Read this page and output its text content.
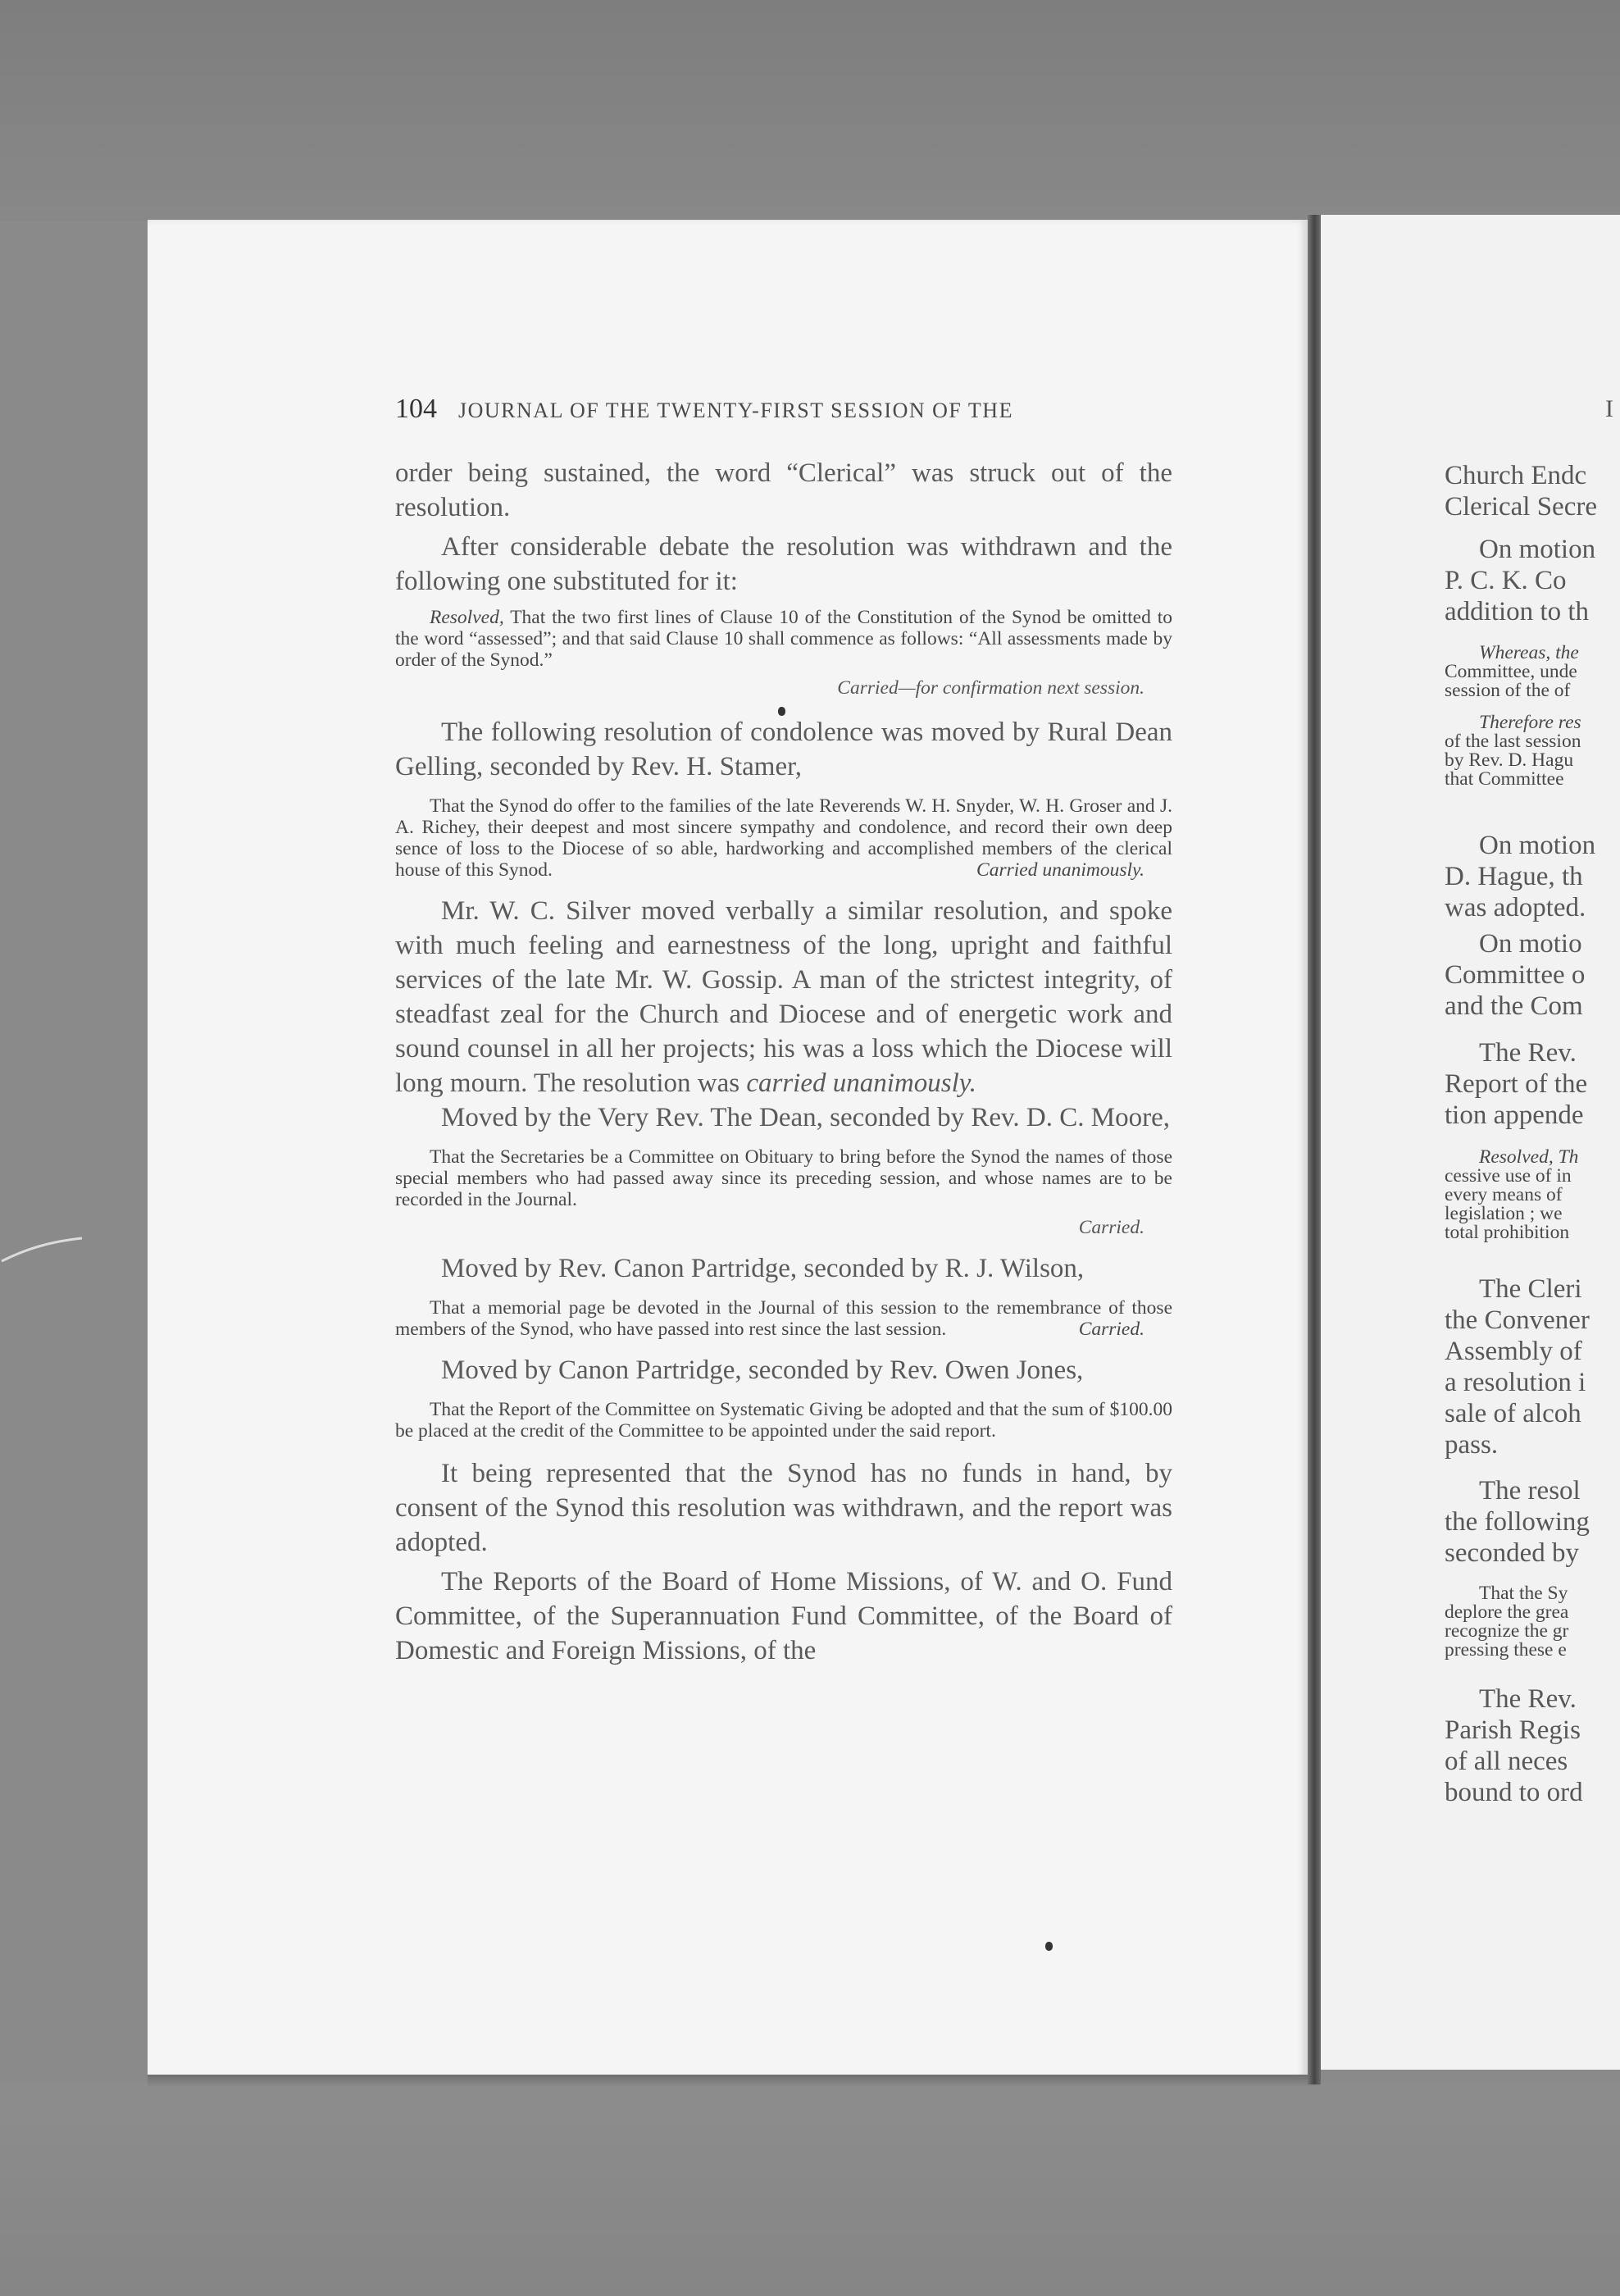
104 JOURNAL OF THE TWENTY-FIRST SESSION OF THE

order being sustained, the word “Clerical” was struck out of the resolution.

After considerable debate the resolution was withdrawn and the following one substituted for it:

Resolved, That the two first lines of Clause 10 of the Constitution of the Synod be omitted to the word “assessed”; and that said Clause 10 shall commence as follows: “All assessments made by order of the Synod.”
Carried—for confirmation next session.

The following resolution of condolence was moved by Rural Dean Gelling, seconded by Rev. H. Stamer,

That the Synod do offer to the families of the late Reverends W. H. Snyder, W. H. Groser and J. A. Richey, their deepest and most sincere sympathy and condolence, and record their own deep sence of loss to the Diocese of so able, hardworking and accomplished members of the clerical house of this Synod.	Carried unanimously.

Mr. W. C. Silver moved verbally a similar resolution, and spoke with much feeling and earnestness of the long, upright and faithful services of the late Mr. W. Gossip. A man of the strictest integrity, of steadfast zeal for the Church and Diocese and of energetic work and sound counsel in all her projects; his was a loss which the Diocese will long mourn. The resolution was carried unanimously.

Moved by the Very Rev. The Dean, seconded by Rev. D. C. Moore,

That the Secretaries be a Committee on Obituary to bring before the Synod the names of those special members who had passed away since its preceding session, and whose names are to be recorded in the Journal.
Carried.

Moved by Rev. Canon Partridge, seconded by R. J. Wilson,

That a memorial page be devoted in the Journal of this session to the remembrance of those members of the Synod, who have passed into rest since the last session.	Carried.

Moved by Canon Partridge, seconded by Rev. Owen Jones,

That the Report of the Committee on Systematic Giving be adopted and that the sum of $100.00 be placed at the credit of the Committee to be appointed under the said report.

It being represented that the Synod has no funds in hand, by consent of the Synod this resolution was withdrawn, and the report was adopted.

The Reports of the Board of Home Missions, of W. and O. Fund Committee, of the Superannuation Fund Committee, of the Board of Domestic and Foreign Missions, of the

I
Church Endc
Clerical Secre
On motion
P. C. K. Co
addition to th
Whereas, the
Committee, unde
session of the of
Therefore res
of the last session
by Rev. D. Hagu
that Committee
On motion
D. Hague, th
was adopted.
On motio
Committee o
and the Com
The Rev.
Report of the
tion appende
Resolved, Th
cessive use of in
every means of
legislation ; we
total prohibition
The Cleri
the Convener
Assembly of
a resolution i
sale of alcoh
pass.
The resol
the following
seconded by
That the Sy
deplore the grea
recognize the gr
pressing these e
The Rev.
Parish Regis
of all neces
bound to ord
